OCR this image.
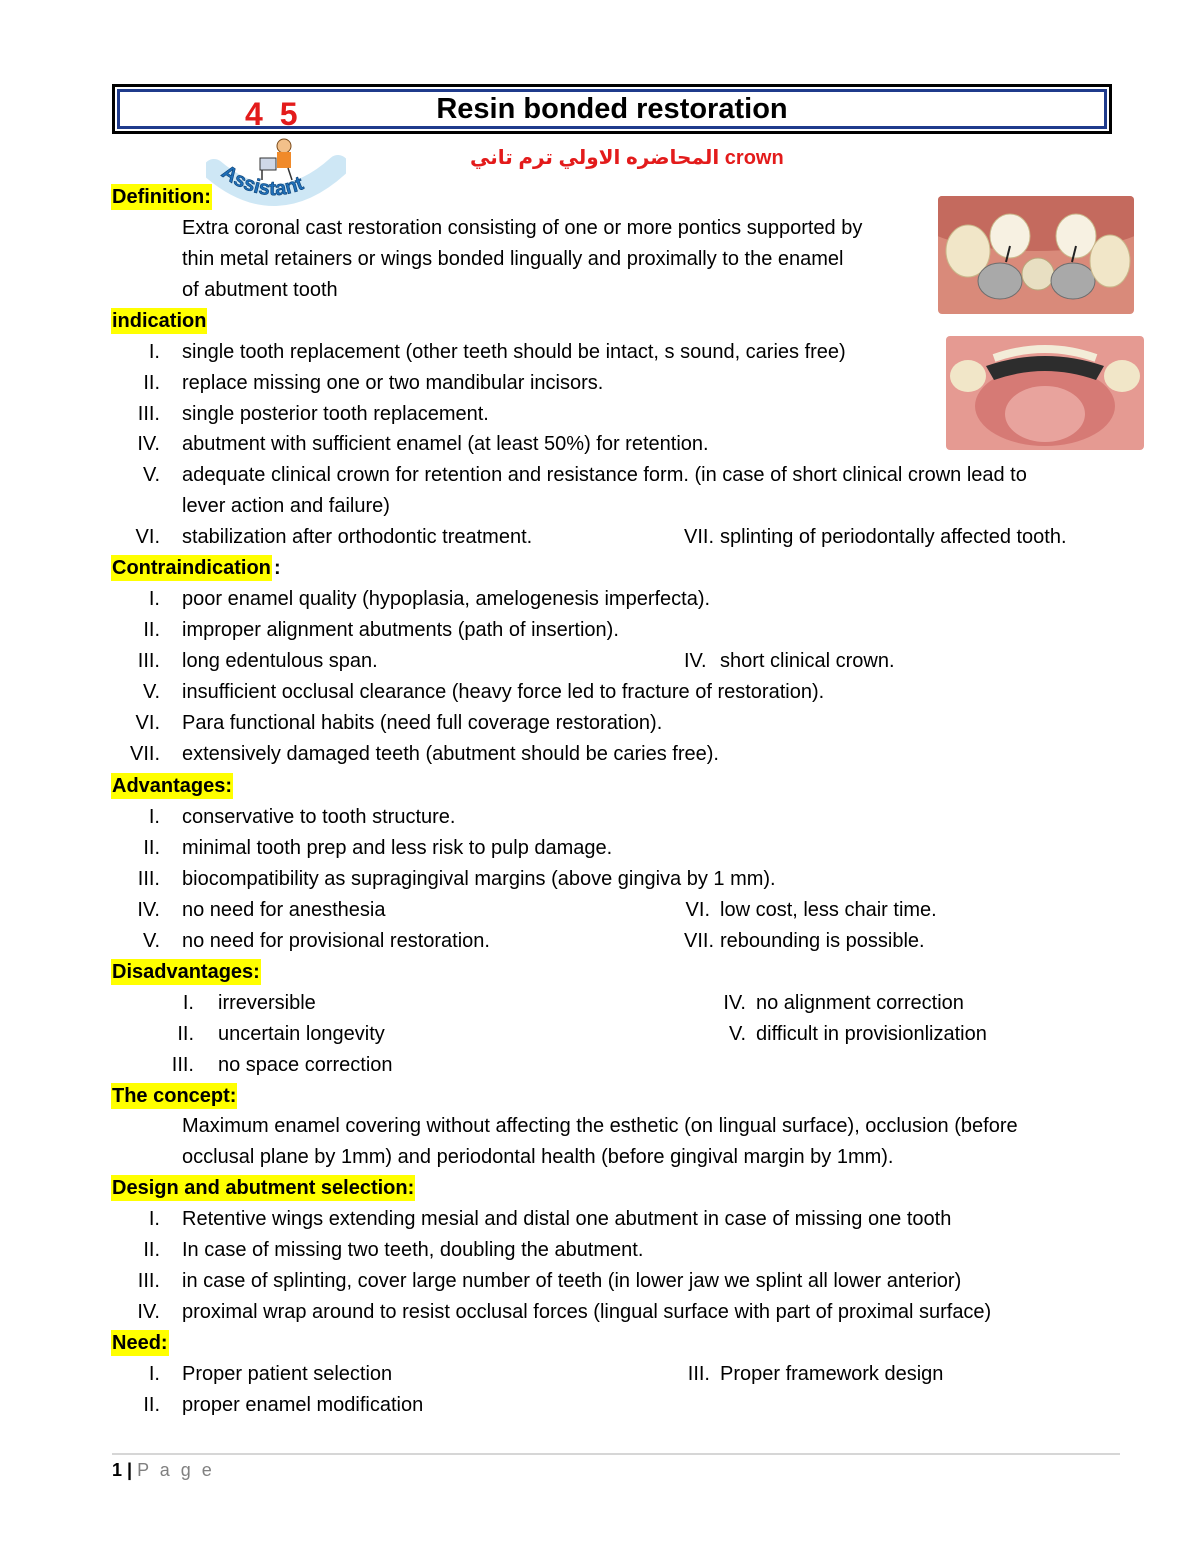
Resin bonded restoration
4 5
Assistant
المحاضره الاولي ترم تاني crown
Definition:
Extra coronal cast restoration consisting of one or more pontics supported by
thin metal retainers or wings bonded lingually and proximally to the enamel
of abutment tooth
indication
I. single tooth replacement (other teeth should be intact, s sound, caries free)
II. replace missing one or two mandibular incisors.
III. single posterior tooth replacement.
IV. abutment with sufficient enamel (at least 50%) for retention.
V. adequate clinical crown for retention and resistance form. (in case of short clinical crown lead to
lever action and failure)
VI. stabilization after orthodontic treatment.	VII. splinting of periodontally affected tooth.
Contraindication :
I. poor enamel quality (hypoplasia, amelogenesis imperfecta).
II. improper alignment abutments (path of insertion).
III. long edentulous span.	IV. short clinical crown.
V. insufficient occlusal clearance (heavy force led to fracture of restoration).
VI. Para functional habits (need full coverage restoration).
VII. extensively damaged teeth (abutment should be caries free).
Advantages:
I. conservative to tooth structure.
II. minimal tooth prep and less risk to pulp damage.
III. biocompatibility as supragingival margins (above gingiva by 1 mm).
IV. no need for anesthesia	VI. low cost, less chair time.
V. no need for provisional restoration.	VII. rebounding is possible.
Disadvantages:
I. irreversible	IV. no alignment correction
II. uncertain longevity	V. difficult in provisionlization
III. no space correction
The concept:
Maximum enamel covering without affecting the esthetic (on lingual surface), occlusion (before
occlusal plane by 1mm) and periodontal health (before gingival margin by 1mm).
Design and abutment selection:
I. Retentive wings extending mesial and distal one abutment in case of missing one tooth
II. In case of missing two teeth, doubling the abutment.
III. in case of splinting, cover large number of teeth (in lower jaw we splint all lower anterior)
IV. proximal wrap around to resist occlusal forces (lingual surface with part of proximal surface)
Need:
I. Proper patient selection	III. Proper framework design
II. proper enamel modification
1 | P a g e
